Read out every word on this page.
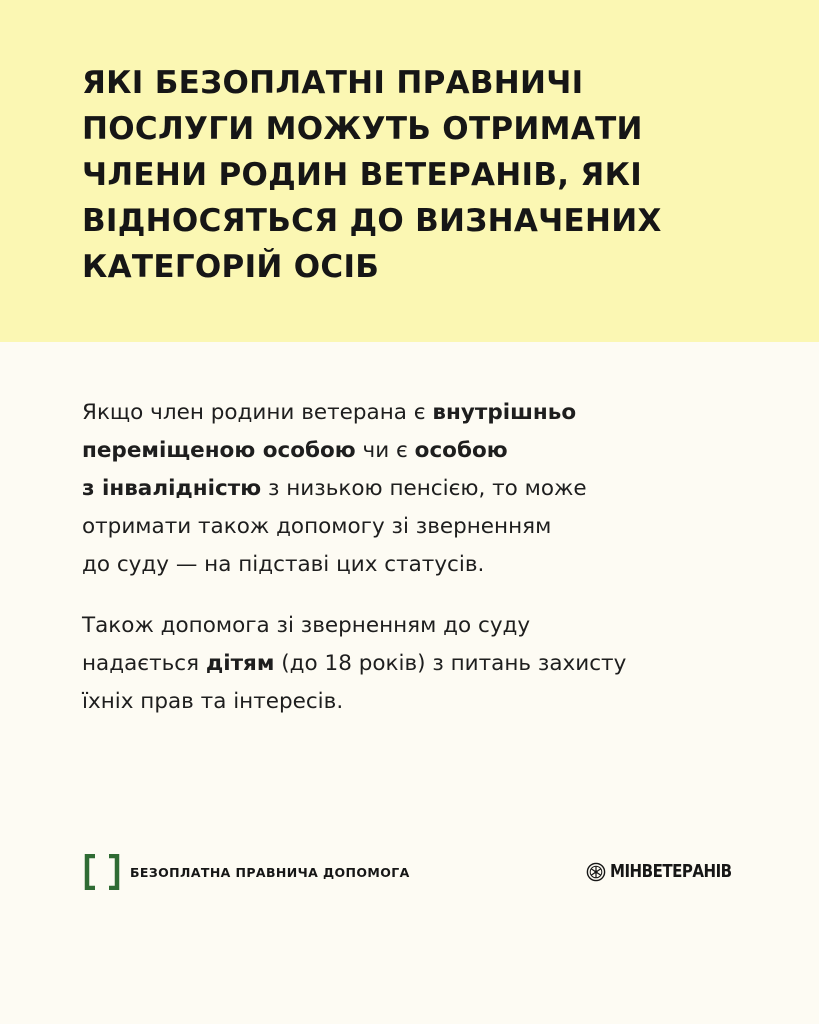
ЯКІ БЕЗОПЛАТНІ ПРАВНИЧІ
ПОСЛУГИ МОЖУТЬ ОТРИМАТИ
ЧЛЕНИ РОДИН ВЕТЕРАНІВ, ЯКІ
ВІДНОСЯТЬСЯ ДО ВИЗНАЧЕНИХ
КАТЕГОРІЙ ОСІБ

Якщо член родини ветерана є внутрішньо
переміщеною особою чи є особою
з інвалідністю з низькою пенсією, то може
отримати також допомогу зі зверненням
до суду — на підставі цих статусів.

Також допомога зі зверненням до суду
надається дітям (до 18 років) з питань захисту
їхніх прав та інтересів.

БЕЗОПЛАТНА ПРАВНИЧА ДОПОМОГА	МІНВЕТЕРАНІВ
